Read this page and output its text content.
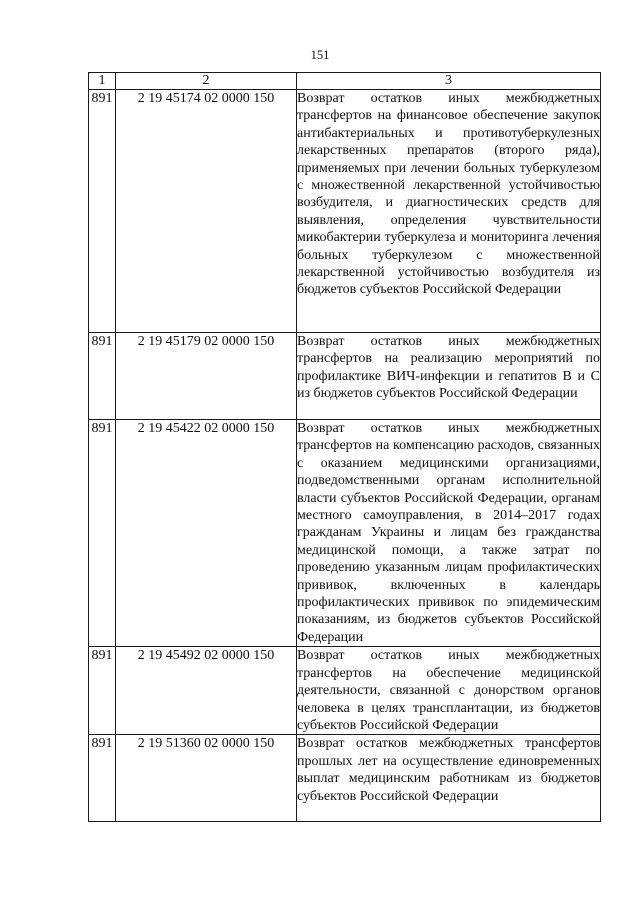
151
1	2	3
891	2 19 45174 02 0000 150	Возврат остатков иных межбюджетных трансфертов на финансовое обеспечение закупок антибактериальных и противотуберкулезных лекарственных препаратов (второго ряда), применяемых при лечении больных туберкулезом с множественной лекарственной устойчивостью возбудителя, и диагностических средств для выявления, определения чувствительности микобактерии туберкулеза и мониторинга лечения больных туберкулезом с множественной лекарственной устойчивостью возбудителя из бюджетов субъектов Российской Федерации
891	2 19 45179 02 0000 150	Возврат остатков иных межбюджетных трансфертов на реализацию мероприятий по профилактике ВИЧ-инфекции и гепатитов B и C из бюджетов субъектов Российской Федерации
891	2 19 45422 02 0000 150	Возврат остатков иных межбюджетных трансфертов на компенсацию расходов, связанных с оказанием медицинскими организациями, подведомственными органам исполнительной власти субъектов Российской Федерации, органам местного самоуправления, в 2014–2017 годах гражданам Украины и лицам без гражданства медицинской помощи, а также затрат по проведению указанным лицам профилактических прививок, включенных в календарь профилактических прививок по эпидемическим показаниям, из бюджетов субъектов Российской Федерации
891	2 19 45492 02 0000 150	Возврат остатков иных межбюджетных трансфертов на обеспечение медицинской деятельности, связанной с донорством органов человека в целях трансплантации, из бюджетов субъектов Российской Федерации
891	2 19 51360 02 0000 150	Возврат остатков межбюджетных трансфертов прошлых лет на осуществление единовременных выплат медицинским работникам из бюджетов субъектов Российской Федерации
